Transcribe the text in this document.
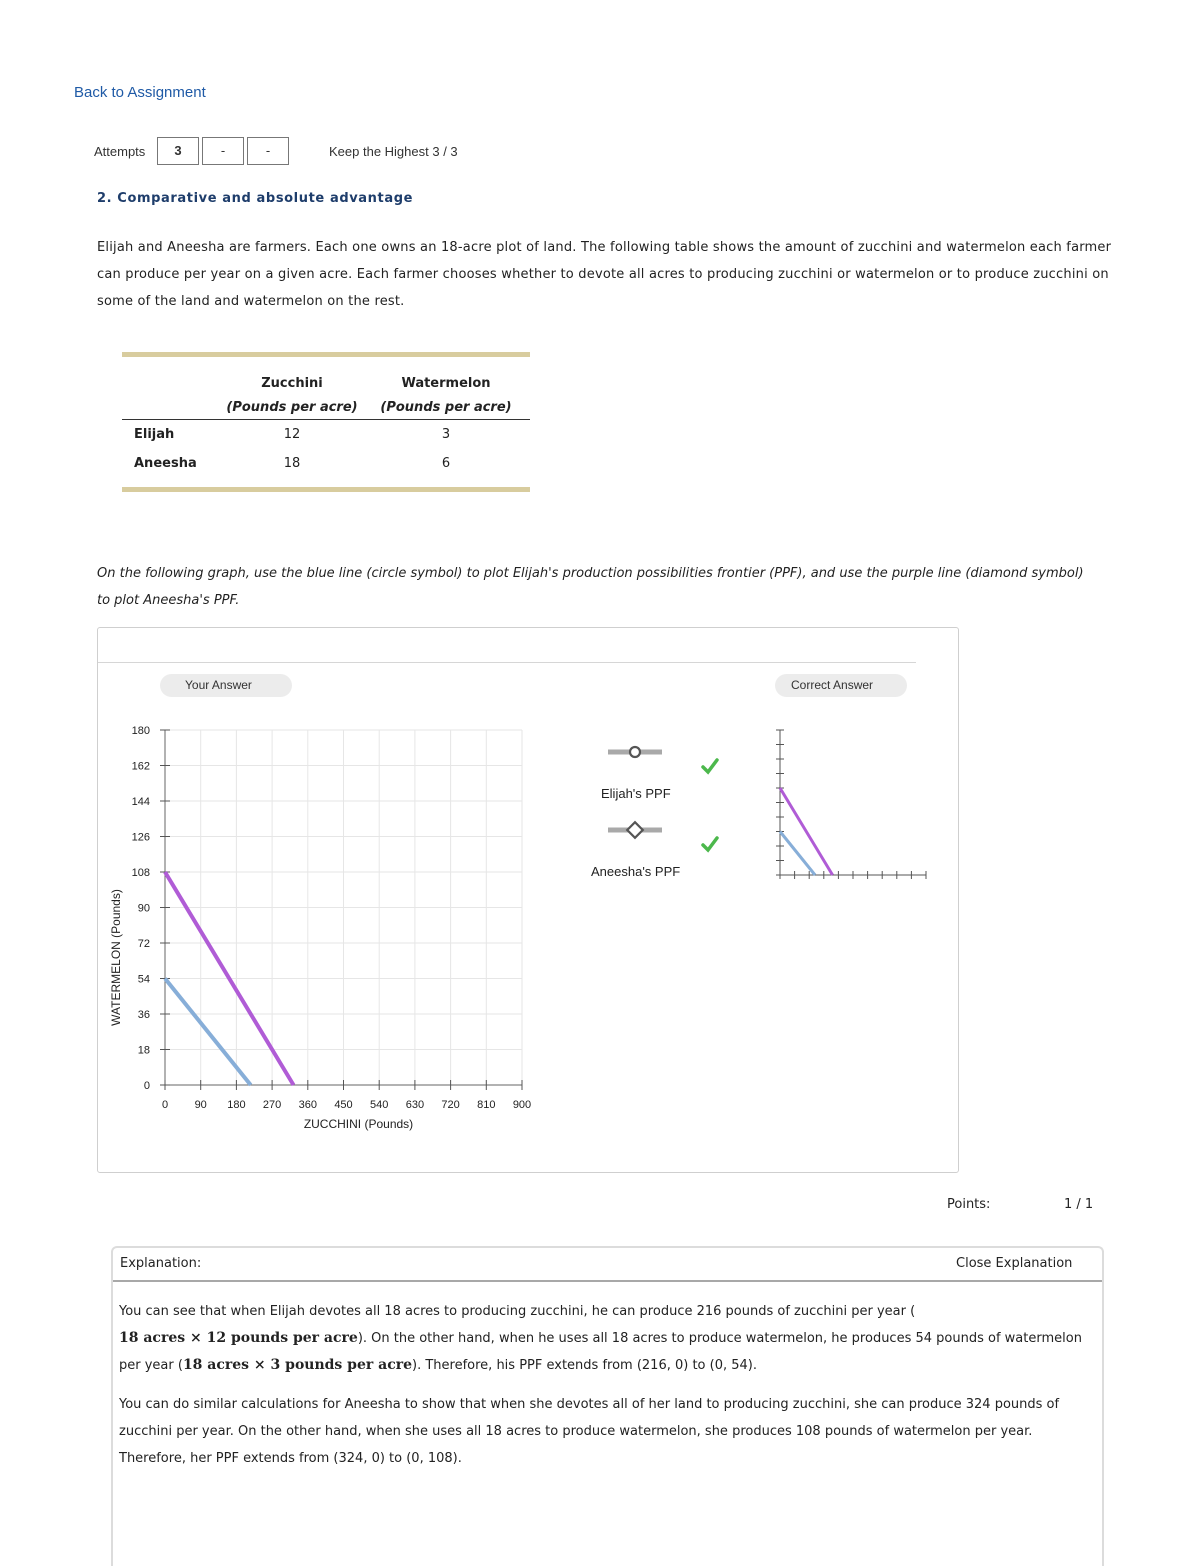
Back to Assignment
Attempts	3	-	-	Keep the Highest 3 / 3
2. Comparative and absolute advantage
Elijah and Aneesha are farmers. Each one owns an 18-acre plot of land. The following table shows the amount of zucchini and watermelon each farmer can produce per year on a given acre. Each farmer chooses whether to devote all acres to producing zucchini or watermelon or to produce zucchini on some of the land and watermelon on the rest.
	Zucchini	Watermelon
	(Pounds per acre)	(Pounds per acre)
Elijah	12	3
Aneesha	18	6
On the following graph, use the blue line (circle symbol) to plot Elijah's production possibilities frontier (PPF), and use the purple line (diamond symbol) to plot Aneesha's PPF.
Your Answer	Correct Answer
0 90 180 270 360 450 540 630 720 810 900
0
18
36
54
72
90
108
126
144
162
180
ZUCCHINI (Pounds)
WATERMELON (Pounds)
Elijah's PPF
Aneesha's PPF
Points:	1 / 1
Explanation:	Close Explanation
You can see that when Elijah devotes all 18 acres to producing zucchini, he can produce 216 pounds of zucchini per year (
18 acres × 12 pounds per acre). On the other hand, when he uses all 18 acres to produce watermelon, he produces 54 pounds of watermelon per year (18 acres × 3 pounds per acre). Therefore, his PPF extends from (216, 0) to (0, 54).
You can do similar calculations for Aneesha to show that when she devotes all of her land to producing zucchini, she can produce 324 pounds of zucchini per year. On the other hand, when she uses all 18 acres to produce watermelon, she produces 108 pounds of watermelon per year. Therefore, her PPF extends from (324, 0) to (0, 108).
